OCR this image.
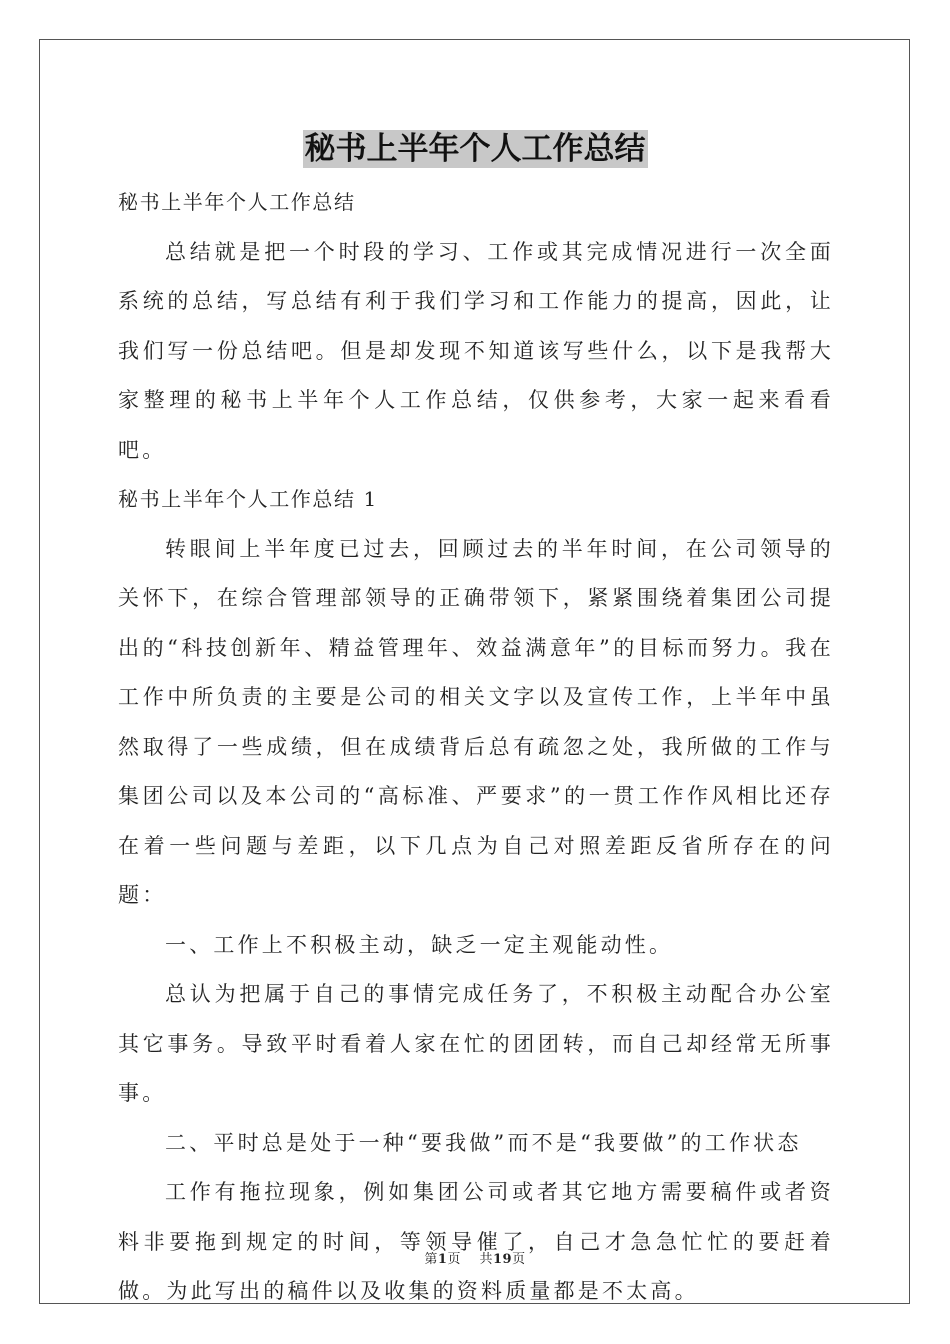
秘书上半年个人工作总结

秘书上半年个人工作总结

总结就是把一个时段的学习、工作或其完成情况进行一次全面系统的总结，写总结有利于我们学习和工作能力的提高，因此，让我们写一份总结吧。但是却发现不知道该写些什么，以下是我帮大家整理的秘书上半年个人工作总结，仅供参考，大家一起来看看吧。

秘书上半年个人工作总结 1

转眼间上半年度已过去，回顾过去的半年时间，在公司领导的关怀下，在综合管理部领导的正确带领下，紧紧围绕着集团公司提出的“科技创新年、精益管理年、效益满意年”的目标而努力。我在工作中所负责的主要是公司的相关文字以及宣传工作，上半年中虽然取得了一些成绩，但在成绩背后总有疏忽之处，我所做的工作与集团公司以及本公司的“高标准、严要求”的一贯工作作风相比还存在着一些问题与差距，以下几点为自己对照差距反省所存在的问题：

一、工作上不积极主动，缺乏一定主观能动性。

总认为把属于自己的事情完成任务了，不积极主动配合办公室其它事务。导致平时看着人家在忙的团团转，而自己却经常无所事事。

二、平时总是处于一种“要我做”而不是“我要做”的工作状态

工作有拖拉现象，例如集团公司或者其它地方需要稿件或者资料非要拖到规定的时间，等领导催了，自己才急急忙忙的要赶着做。为此写出的稿件以及收集的资料质量都是不太高。

第1页 共19页
